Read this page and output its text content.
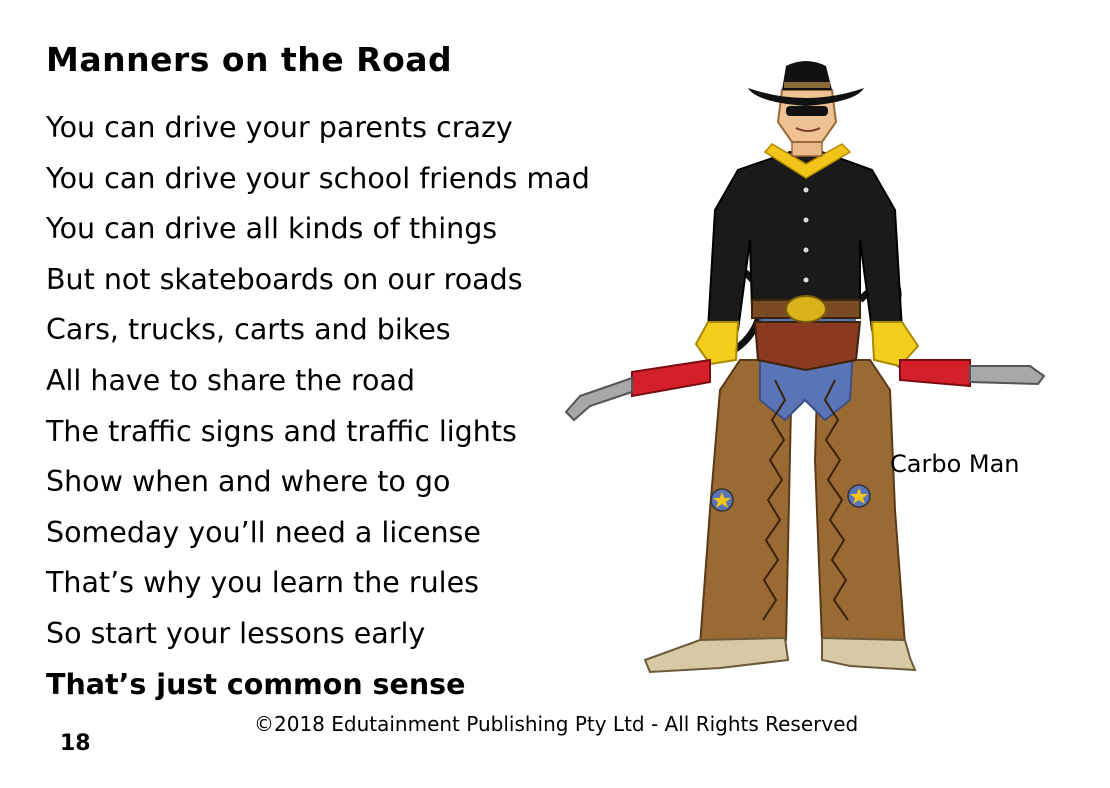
Manners on the Road
You can drive your parents crazy
You can drive your school friends mad
You can drive all kinds of things
But not skateboards on our roads
Cars, trucks, carts and bikes
All have to share the road
The traffic signs and traffic lights
Show when and where to go
Someday you’ll need a license
That’s why you learn the rules
So start your lessons early
That’s just common sense
Carbo Man
©2018 Edutainment Publishing Pty Ltd - All Rights Reserved
18
